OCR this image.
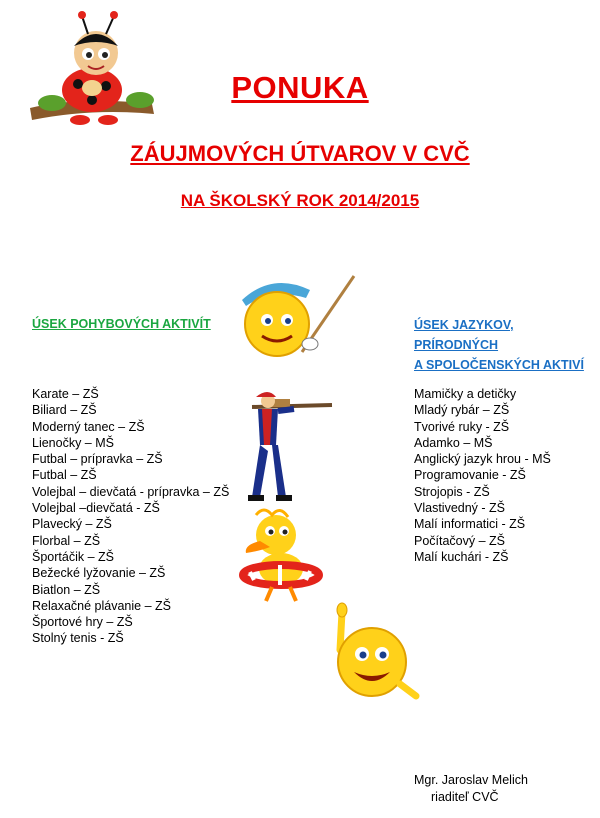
PONUKA
ZÁUJMOVÝCH ÚTVAROV V CVČ
NA ŠKOLSKÝ ROK 2014/2015
ÚSEK POHYBOVÝCH AKTIVÍT	ÚSEK JAZYKOV,
PRÍRODNÝCH
A SPOLOČENSKÝCH AKTIVÍ
Karate – ZŠ
Biliard – ZŠ
Moderný tanec – ZŠ
Lienočky – MŠ
Futbal – prípravka – ZŠ
Futbal – ZŠ
Volejbal – dievčatá - prípravka – ZŠ
Volejbal –dievčatá - ZŠ
Plavecký – ZŠ
Florbal – ZŠ
Športáčik – ZŠ
Bežecké lyžovanie – ZŠ
Biatlon – ZŠ
Relaxačné plávanie – ZŠ
Športové hry – ZŠ
Stolný tenis - ZŠ
Mamičky a detičky
Mladý rybár – ZŠ
Tvorivé ruky - ZŠ
Adamko – MŠ
Anglický jazyk hrou - MŠ
Programovanie - ZŠ
Strojopis - ZŠ
Vlastivedný - ZŠ
Malí informatici - ZŠ
Počítačový – ZŠ
Malí kuchári - ZŠ
Mgr. Jaroslav Melich
riaditeľ CVČ
